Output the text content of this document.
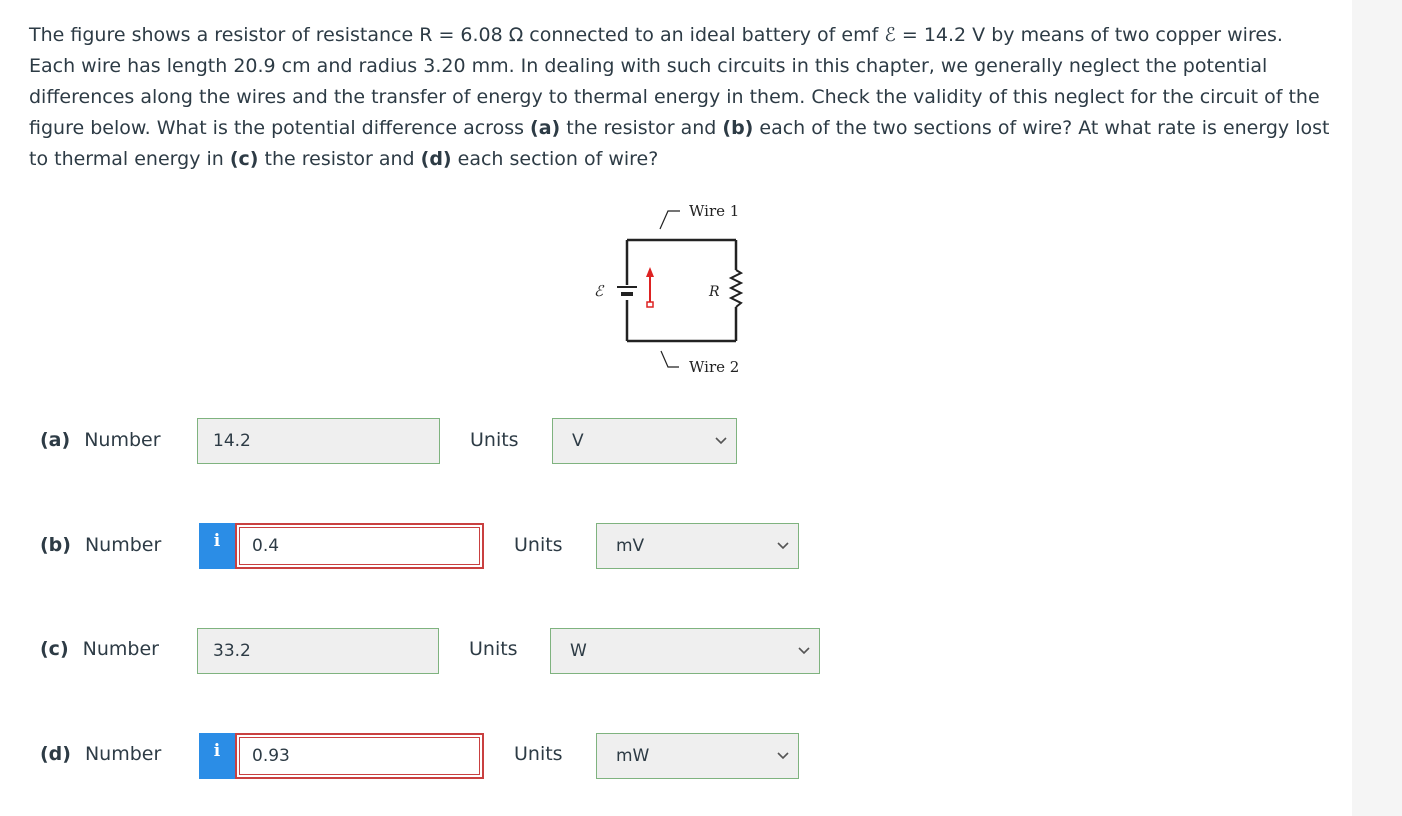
The figure shows a resistor of resistance R = 6.08 Ω connected to an ideal battery of emf ℰ = 14.2 V by means of two copper wires.
Each wire has length 20.9 cm and radius 3.20 mm. In dealing with such circuits in this chapter, we generally neglect the potential
differences along the wires and the transfer of energy to thermal energy in them. Check the validity of this neglect for the circuit of the
figure below. What is the potential difference across (a) the resistor and (b) each of the two sections of wire? At what rate is energy lost
to thermal energy in (c) the resistor and (d) each section of wire?
Wire 1
Wire 2
R
ℰ
(a) Number	14.2	Units	V
(b) Number	i	0.4	Units	mV
(c) Number	33.2	Units	W
(d) Number	i	0.93	Units	mW
